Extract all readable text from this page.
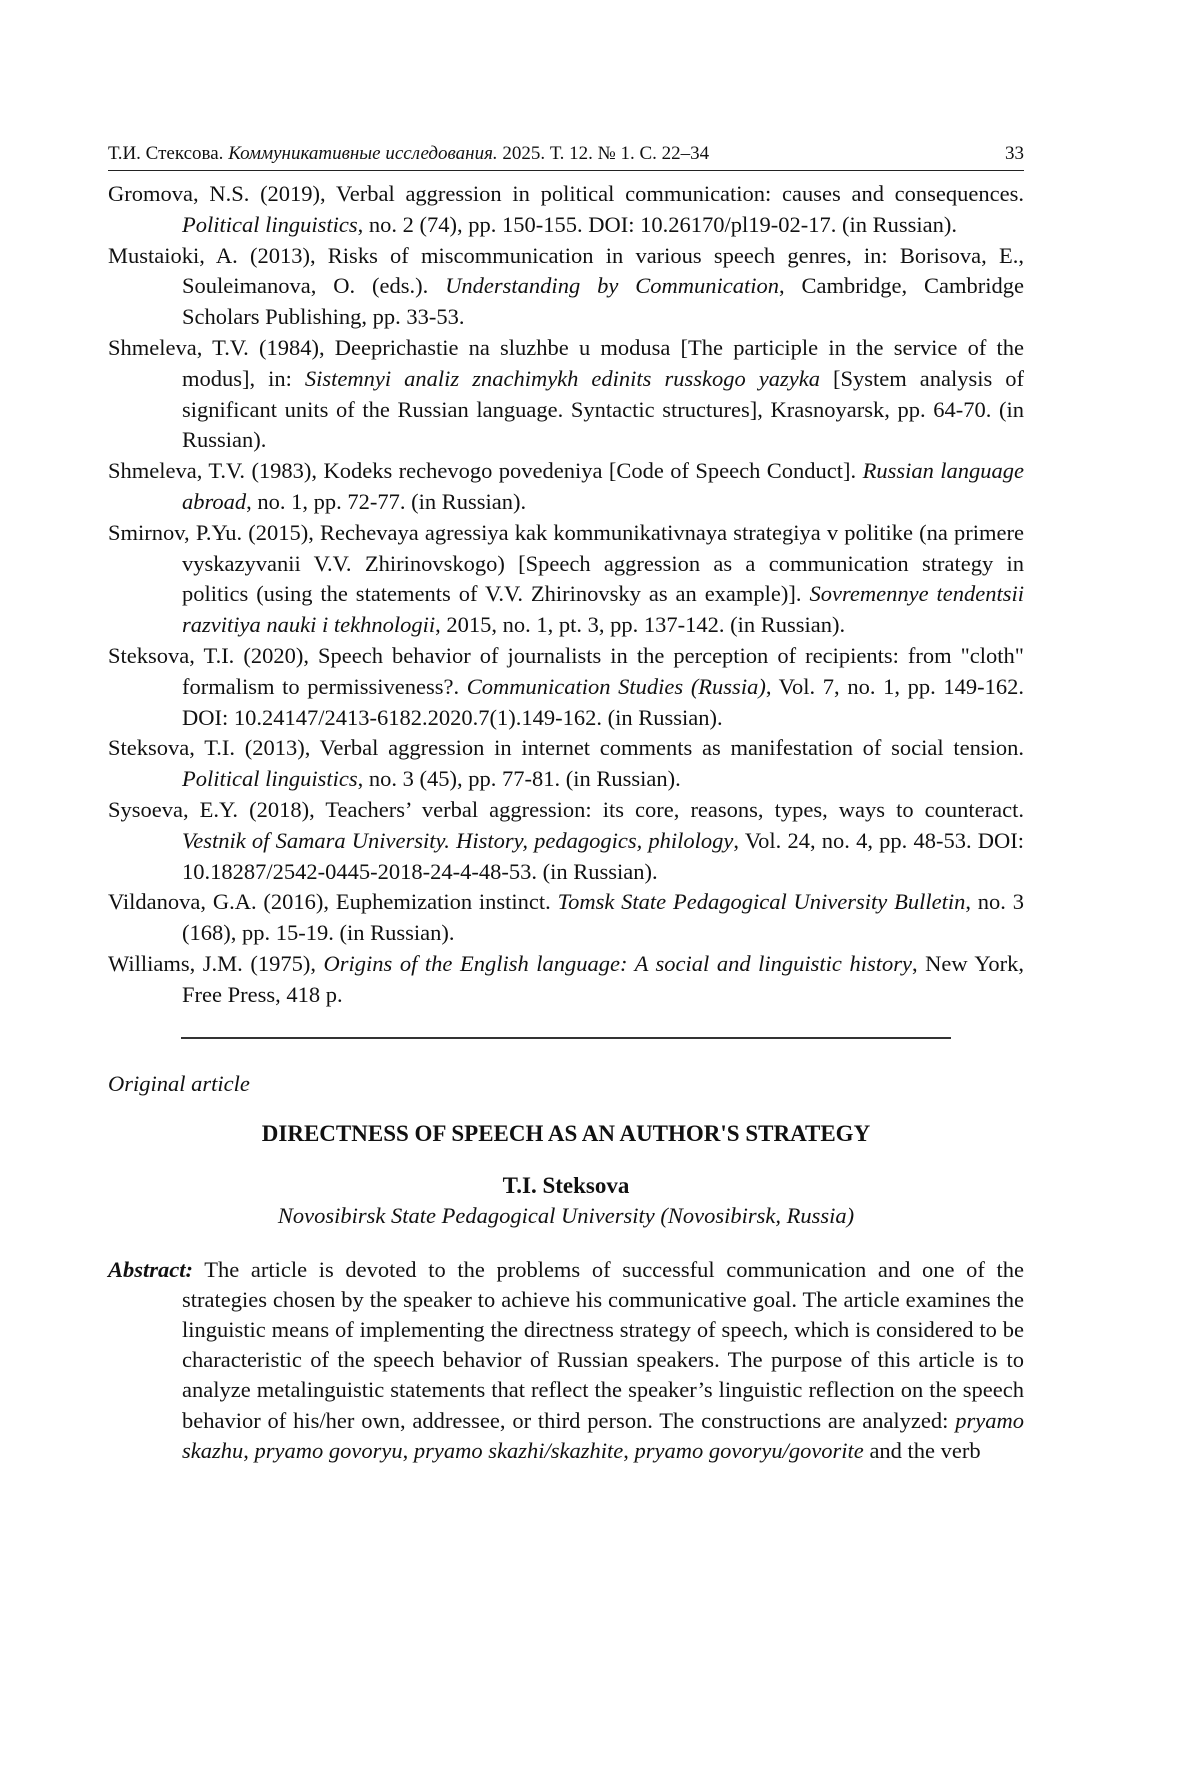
Т.И. Стексова. Коммуникативные исследования. 2025. Т. 12. № 1. С. 22–34	33
Gromova, N.S. (2019), Verbal aggression in political communication: causes and consequences. Political linguistics, no. 2 (74), pp. 150-155. DOI: 10.26170/pl19-02-17. (in Russian).
Mustaioki, A. (2013), Risks of miscommunication in various speech genres, in: Borisova, E., Souleimanova, O. (eds.). Understanding by Communication, Cambridge, Cambridge Scholars Publishing, pp. 33-53.
Shmeleva, T.V. (1984), Deeprichastie na sluzhbe u modusa [The participle in the service of the modus], in: Sistemnyi analiz znachimykh edinits russkogo yazyka [System analysis of significant units of the Russian language. Syntactic structures], Krasnoyarsk, pp. 64-70. (in Russian).
Shmeleva, T.V. (1983), Kodeks rechevogo povedeniya [Code of Speech Conduct]. Russian language abroad, no. 1, pp. 72-77. (in Russian).
Smirnov, P.Yu. (2015), Rechevaya agressiya kak kommunikativnaya strategiya v politike (na primere vyskazyvanii V.V. Zhirinovskogo) [Speech aggression as a communication strategy in politics (using the statements of V.V. Zhirinovsky as an example)]. Sovremennye tendentsii razvitiya nauki i tekhnologii, 2015, no. 1, pt. 3, pp. 137-142. (in Russian).
Steksova, T.I. (2020), Speech behavior of journalists in the perception of recipients: from "cloth" formalism to permissiveness?. Communication Studies (Russia), Vol. 7, no. 1, pp. 149-162. DOI: 10.24147/2413-6182.2020.7(1).149-162. (in Russian).
Steksova, T.I. (2013), Verbal aggression in internet comments as manifestation of social tension. Political linguistics, no. 3 (45), pp. 77-81. (in Russian).
Sysoeva, E.Y. (2018), Teachers’ verbal aggression: its core, reasons, types, ways to counteract. Vestnik of Samara University. History, pedagogics, philology, Vol. 24, no. 4, pp. 48-53. DOI: 10.18287/2542-0445-2018-24-4-48-53. (in Russian).
Vildanova, G.A. (2016), Euphemization instinct. Tomsk State Pedagogical University Bulletin, no. 3 (168), pp. 15-19. (in Russian).
Williams, J.M. (1975), Origins of the English language: A social and linguistic history, New York, Free Press, 418 p.
Original article
DIRECTNESS OF SPEECH AS AN AUTHOR'S STRATEGY
T.I. Steksova
Novosibirsk State Pedagogical University (Novosibirsk, Russia)
Abstract: The article is devoted to the problems of successful communication and one of the strategies chosen by the speaker to achieve his communicative goal. The article examines the linguistic means of implementing the directness strategy of speech, which is considered to be characteristic of the speech behavior of Russian speakers. The purpose of this article is to analyze metalinguistic statements that reflect the speaker’s linguistic reflection on the speech behavior of his/her own, addressee, or third person. The constructions are analyzed: pryamo skazhu, pryamo govoryu, pryamo skazhi/skazhite, pryamo govoryu/govorite and the verb
